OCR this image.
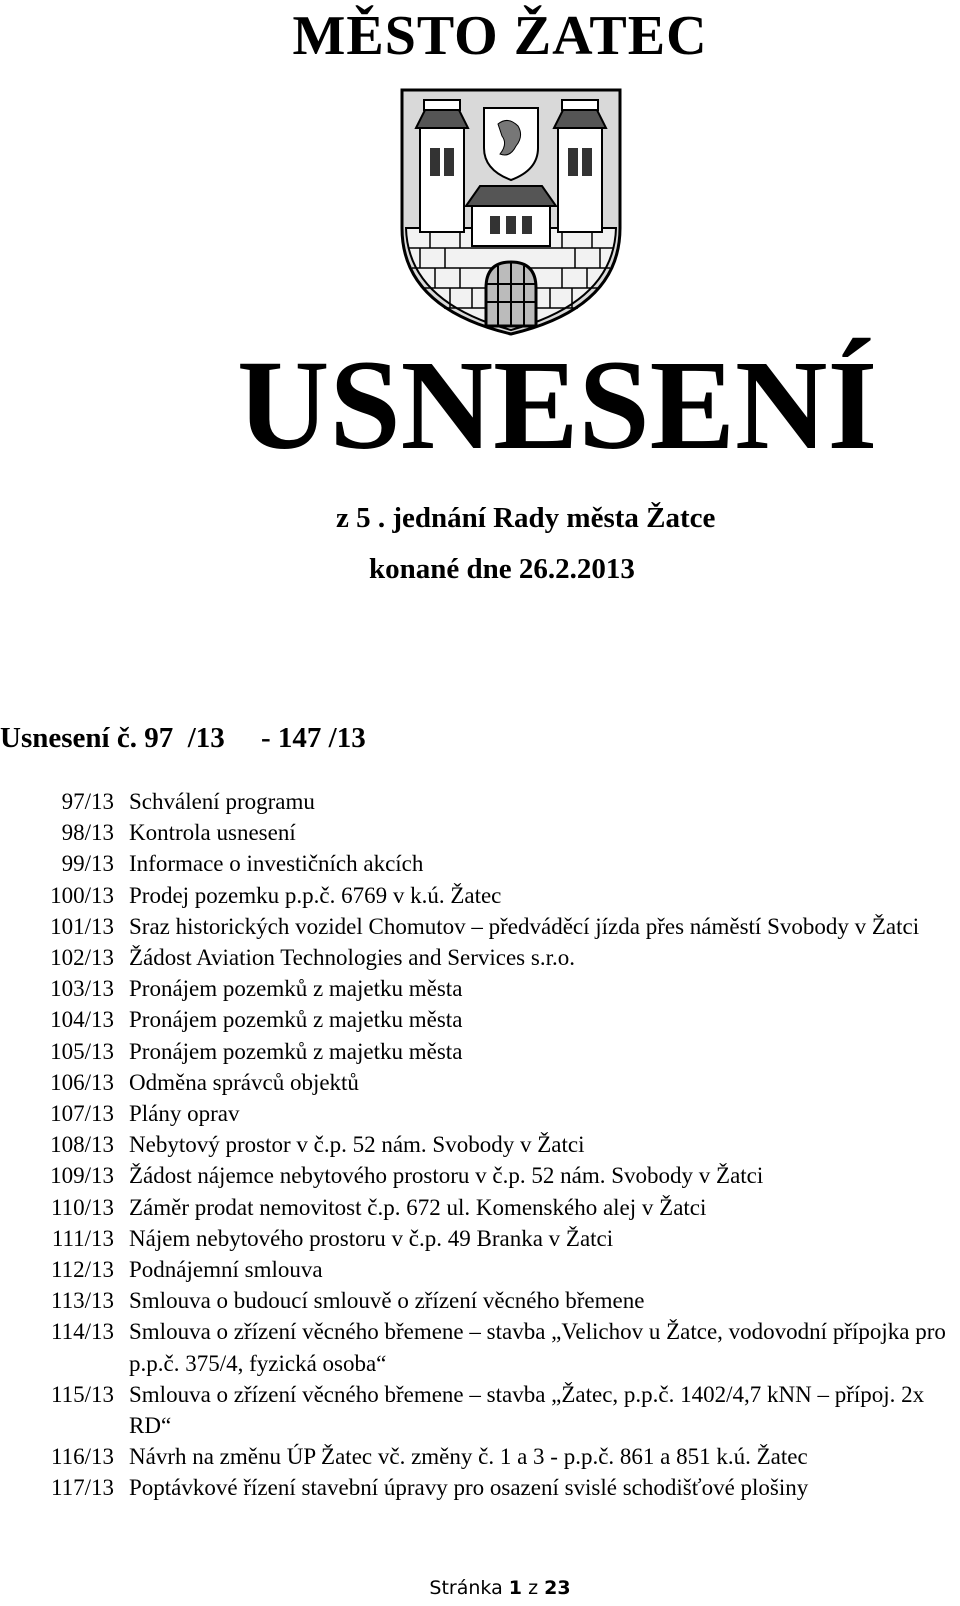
MĚSTO ŽATEC
USNESENÍ
z 5 . jednání Rady města Žatce
konané dne 26.2.2013
Usnesení č. 97  /13     - 147 /13
97/13 Schválení programu
98/13 Kontrola usnesení
99/13 Informace o investičních akcích
100/13 Prodej pozemku p.p.č. 6769 v k.ú. Žatec
101/13 Sraz historických vozidel Chomutov – předváděcí jízda přes náměstí Svobody v Žatci
102/13 Žádost Aviation Technologies and Services s.r.o.
103/13 Pronájem pozemků z majetku města
104/13 Pronájem pozemků z majetku města
105/13 Pronájem pozemků z majetku města
106/13 Odměna správců objektů
107/13 Plány oprav
108/13 Nebytový prostor v č.p. 52 nám. Svobody v Žatci
109/13 Žádost nájemce nebytového prostoru v č.p. 52 nám. Svobody v Žatci
110/13 Záměr prodat nemovitost č.p. 672 ul. Komenského alej v Žatci
111/13 Nájem nebytového prostoru v č.p. 49 Branka v Žatci
112/13 Podnájemní smlouva
113/13 Smlouva o budoucí smlouvě o zřízení věcného břemene
114/13 Smlouva o zřízení věcného břemene – stavba „Velichov u Žatce, vodovodní přípojka pro p.p.č. 375/4, fyzická osoba“
115/13 Smlouva o zřízení věcného břemene – stavba „Žatec, p.p.č. 1402/4,7 kNN – přípoj. 2x RD“
116/13 Návrh na změnu ÚP Žatec vč. změny č. 1 a 3 - p.p.č. 861 a 851 k.ú. Žatec
117/13 Poptávkové řízení stavební úpravy pro osazení svislé schodišťové plošiny
Stránka 1 z 23
